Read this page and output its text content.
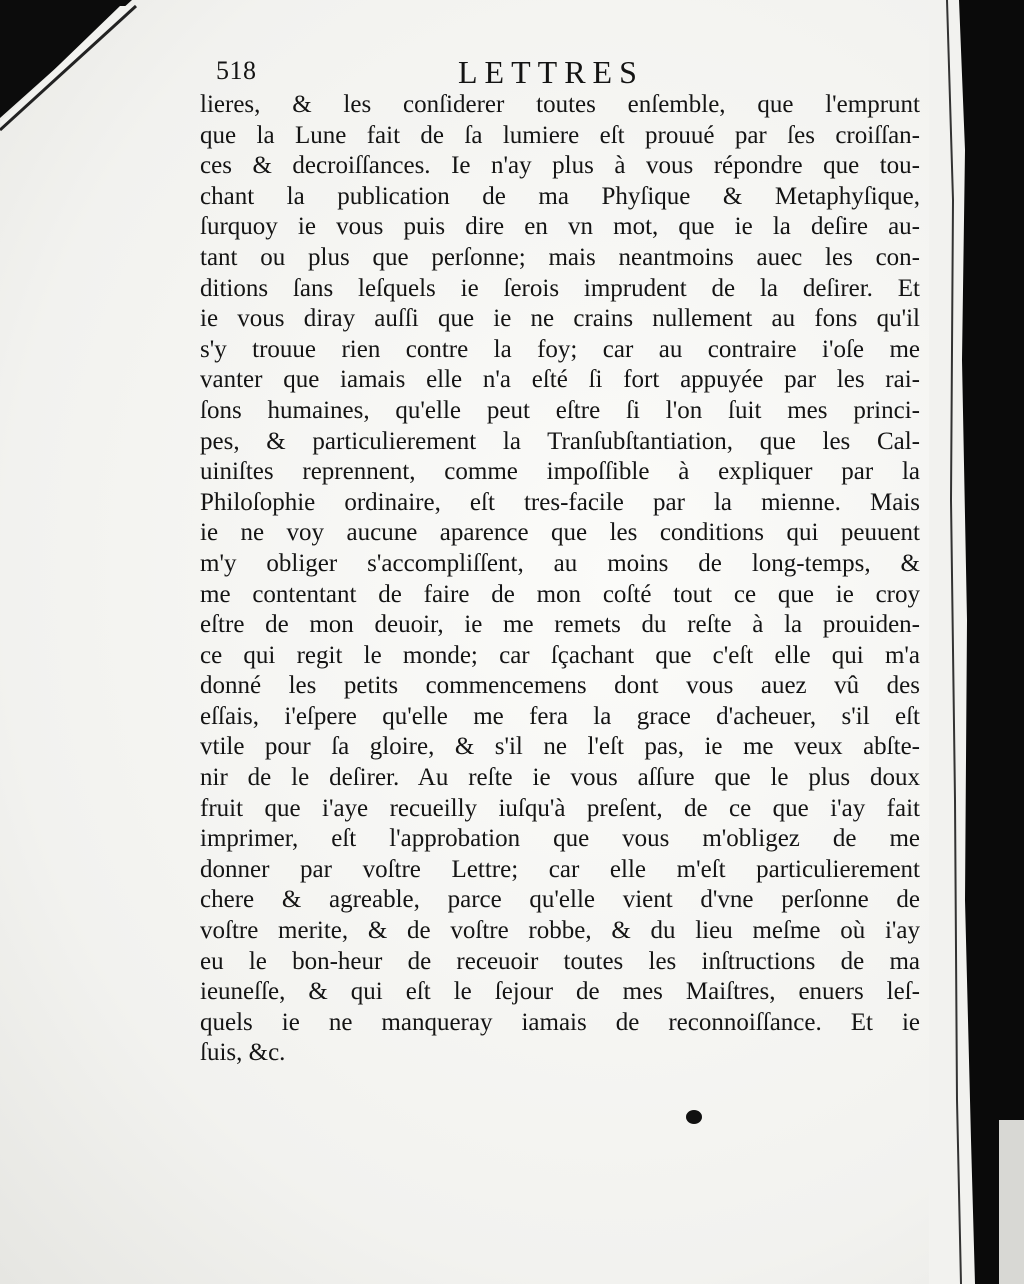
518	LETTRES
lieres, & les conſiderer toutes enſemble, que l'emprunt
que la Lune fait de ſa lumiere eſt prouué par ſes croiſſan-
ces & decroiſſances. Ie n'ay plus à vous répondre que tou-
chant la publication de ma Phyſique & Metaphyſique,
ſurquoy ie vous puis dire en vn mot, que ie la deſire au-
tant ou plus que perſonne; mais neantmoins auec les con-
ditions ſans leſquels ie ſerois imprudent de la deſirer. Et
ie vous diray auſſi que ie ne crains nullement au fons qu'il
s'y trouue rien contre la foy; car au contraire i'oſe me
vanter que iamais elle n'a eſté ſi fort appuyée par les rai-
ſons humaines, qu'elle peut eſtre ſi l'on ſuit mes princi-
pes, & particulierement la Tranſubſtantiation, que les Cal-
uiniſtes reprennent, comme impoſſible à expliquer par la
Philoſophie ordinaire, eſt tres-facile par la mienne. Mais
ie ne voy aucune aparence que les conditions qui peuuent
m'y obliger s'accompliſſent, au moins de long-temps, &
me contentant de faire de mon coſté tout ce que ie croy
eſtre de mon deuoir, ie me remets du reſte à la prouiden-
ce qui regit le monde; car ſçachant que c'eſt elle qui m'a
donné les petits commencemens dont vous auez vû des
eſſais, i'eſpere qu'elle me fera la grace d'acheuer, s'il eſt
vtile pour ſa gloire, & s'il ne l'eſt pas, ie me veux abſte-
nir de le deſirer. Au reſte ie vous aſſure que le plus doux
fruit que i'aye recueilly iuſqu'à preſent, de ce que i'ay fait
imprimer, eſt l'approbation que vous m'obligez de me
donner par voſtre Lettre; car elle m'eſt particulierement
chere & agreable, parce qu'elle vient d'vne perſonne de
voſtre merite, & de voſtre robbe, & du lieu meſme où i'ay
eu le bon-heur de receuoir toutes les inſtructions de ma
ieuneſſe, & qui eſt le ſejour de mes Maiſtres, enuers leſ-
quels ie ne manqueray iamais de reconnoiſſance. Et ie
ſuis, &c.
